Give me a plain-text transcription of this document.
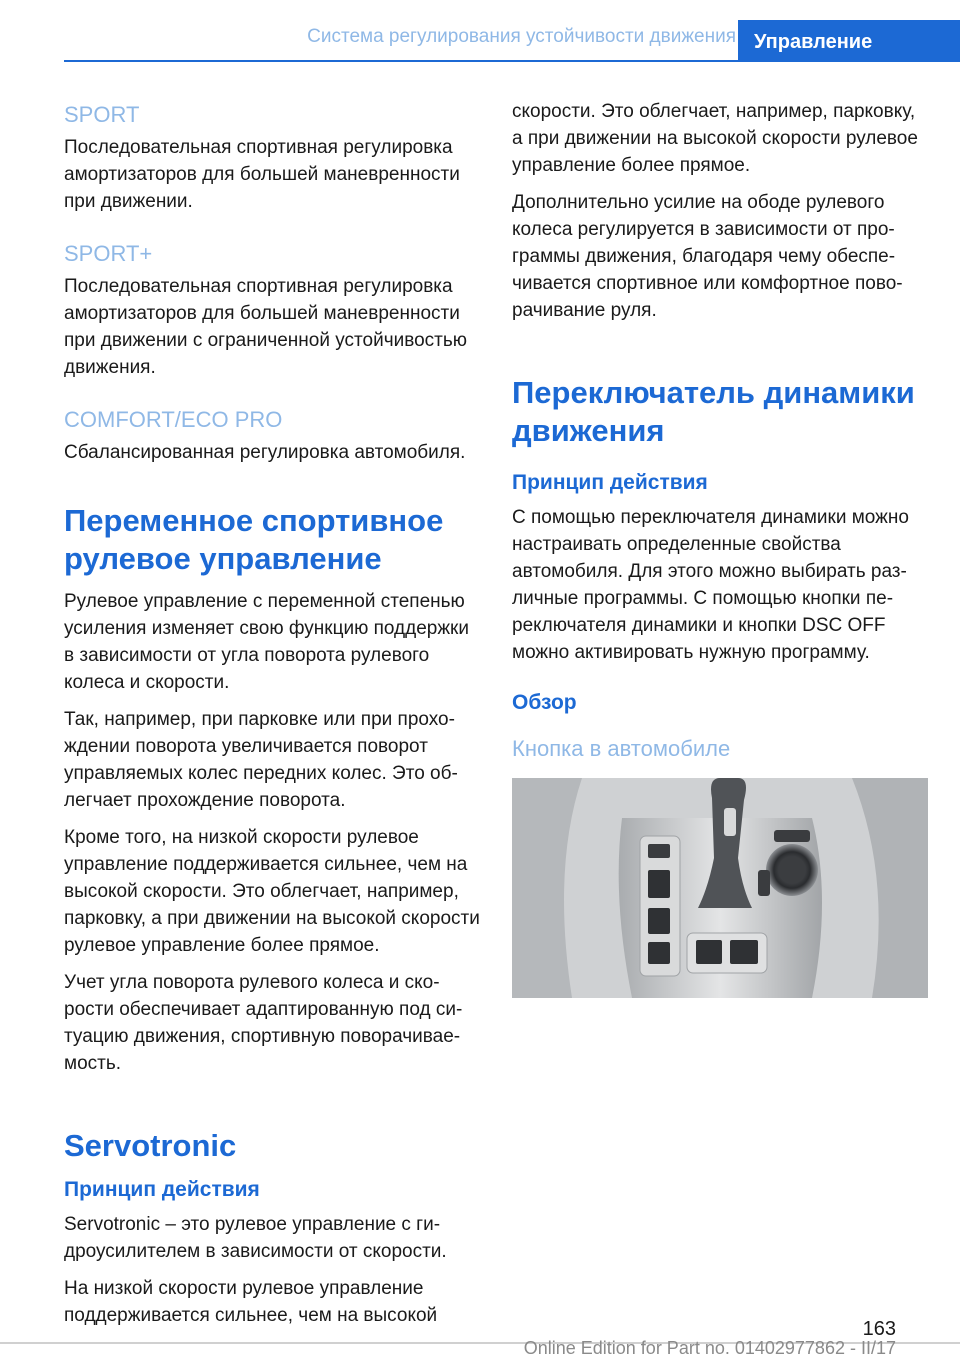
Система регулирования устойчивости движения Управление
SPORT

Последовательная спортивная регулировка амортизаторов для большей маневренности при движении.

SPORT+

Последовательная спортивная регулировка амортизаторов для большей маневренности при движении с ограниченной устойчивостью движения.

COMFORT/ECO PRO

Сбалансированная регулировка автомобиля.

Переменное спортивное рулевое управление

Рулевое управление с переменной степенью усиления изменяет свою функцию поддержки в зависимости от угла поворота рулевого колеса и скорости.

Так, например, при парковке или при прохождении поворота увеличивается поворот управляемых колес передних колес. Это облегчает прохождение поворота.

Кроме того, на низкой скорости рулевое управление поддерживается сильнее, чем на высокой скорости. Это облегчает, например, парковку, а при движении на высокой скорости рулевое управление более прямое.

Учет угла поворота рулевого колеса и скорости обеспечивает адаптированную под ситуацию движения, спортивную поворачиваемость.

Servotronic
Принцип действия

Servotronic – это рулевое управление с гидроусилителем в зависимости от скорости.

На низкой скорости рулевое управление поддерживается сильнее, чем на высокой

скорости. Это облегчает, например, парковку, а при движении на высокой скорости рулевое управление более прямое.

Дополнительно усилие на ободе рулевого колеса регулируется в зависимости от программы движения, благодаря чему обеспечивается спортивное или комфортное поворачивание руля.

Переключатель динамики движения
Принцип действия

С помощью переключателя динамики можно настраивать определенные свойства автомобиля. Для этого можно выбирать различные программы. С помощью кнопки переключателя динамики и кнопки DSC OFF можно активировать нужную программу.

Обзор
Кнопка в автомобиле
163
Online Edition for Part no. 01402977862 - II/17
